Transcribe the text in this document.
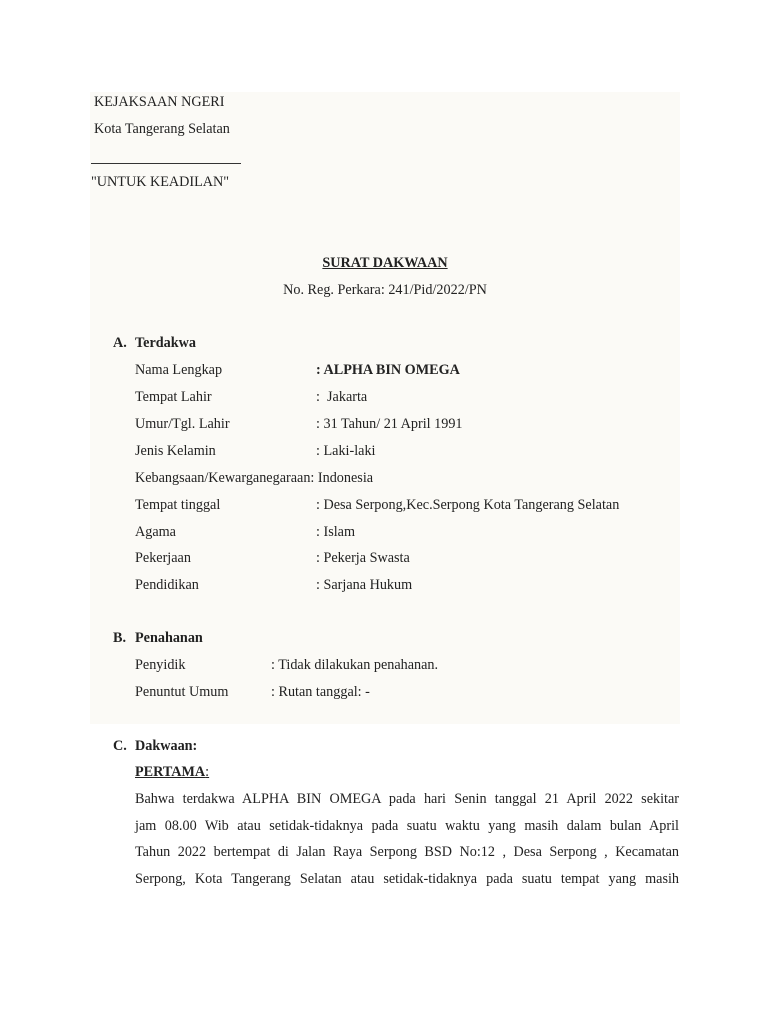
KEJAKSAAN NGERI
Kota Tangerang Selatan
"UNTUK KEADILAN"
SURAT DAKWAAN
No. Reg. Perkara: 241/Pid/2022/PN
A. Terdakwa
Nama Lengkap	: ALPHA BIN OMEGA
Tempat Lahir	:  Jakarta
Umur/Tgl. Lahir	: 31 Tahun/ 21 April 1991
Jenis Kelamin	: Laki-laki
Kebangsaan/Kewarganegaraan: Indonesia
Tempat tinggal	: Desa Serpong,Kec.Serpong Kota Tangerang Selatan
Agama	: Islam
Pekerjaan	: Pekerja Swasta
Pendidikan	: Sarjana Hukum
B. Penahanan
Penyidik	: Tidak dilakukan penahanan.
Penuntut Umum	: Rutan tanggal: -
C. Dakwaan:
PERTAMA:
Bahwa terdakwa ALPHA BIN OMEGA pada hari Senin tanggal 21 April 2022 sekitar
jam 08.00 Wib atau setidak-tidaknya pada suatu waktu yang masih dalam bulan April
Tahun 2022 bertempat di Jalan Raya Serpong BSD No:12 , Desa Serpong , Kecamatan
Serpong, Kota Tangerang Selatan atau setidak-tidaknya pada suatu tempat yang masih
